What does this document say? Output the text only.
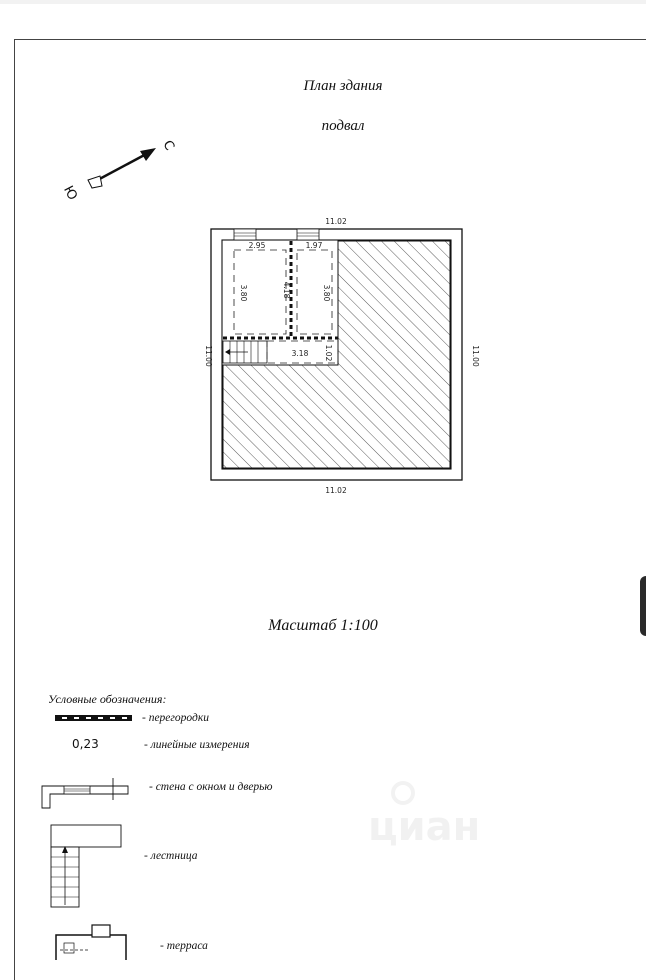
План здания
подвал
циан
С
Ю
11.02
11.02
11.00	11.00
2.95	1.97
3.80	4.18	3.80
3.18 1.02
Масштаб 1:100
Условные обозначения:
- перегородки
0,23	- линейные измерения
- стена с окном и дверью
- лестница
- терраса
